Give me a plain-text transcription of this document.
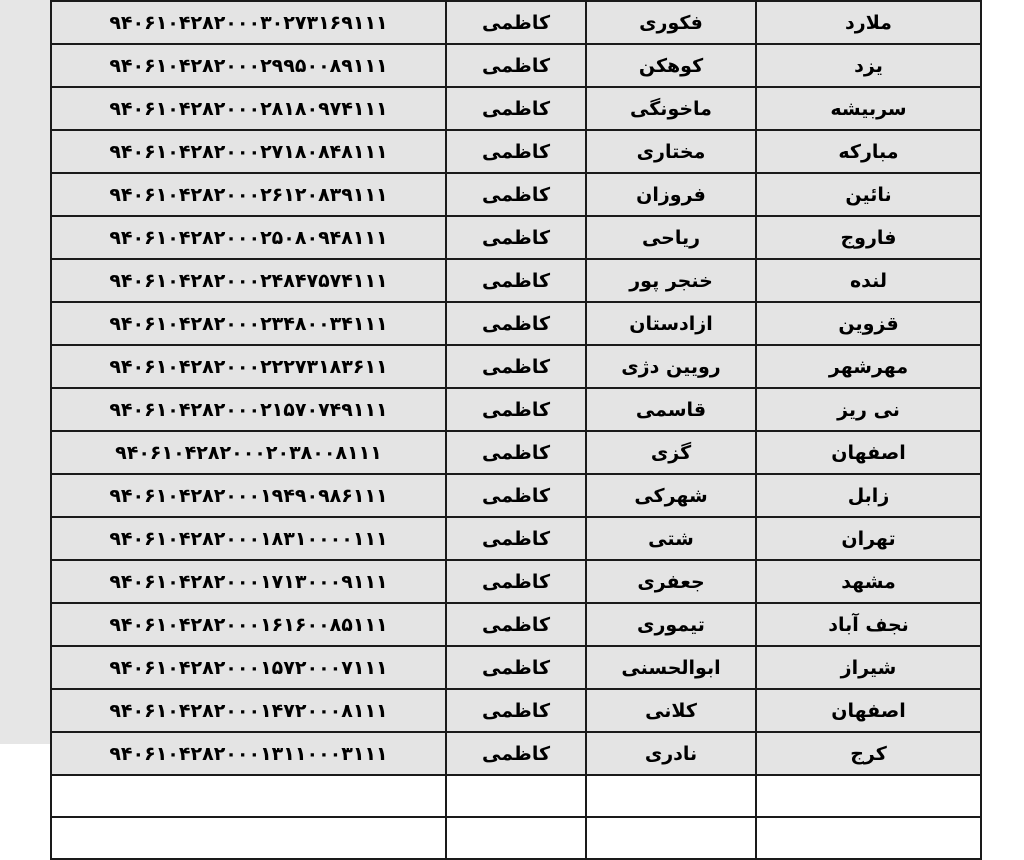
ملارد	فکوری	کاظمی	۹۴۰۶۱۰۴۲۸۲۰۰۰۳۰۲۷۳۱۶۹۱۱۱
یزد	کوهکن	کاظمی	۹۴۰۶۱۰۴۲۸۲۰۰۰۲۹۹۵۰۰۸۹۱۱۱
سربیشه	ماخونگی	کاظمی	۹۴۰۶۱۰۴۲۸۲۰۰۰۲۸۱۸۰۹۷۴۱۱۱
مبارکه	مختاری	کاظمی	۹۴۰۶۱۰۴۲۸۲۰۰۰۲۷۱۸۰۸۴۸۱۱۱
نائین	فروزان	کاظمی	۹۴۰۶۱۰۴۲۸۲۰۰۰۲۶۱۲۰۸۳۹۱۱۱
فاروج	ریاحی	کاظمی	۹۴۰۶۱۰۴۲۸۲۰۰۰۲۵۰۸۰۹۴۸۱۱۱
لنده	خنجر پور	کاظمی	۹۴۰۶۱۰۴۲۸۲۰۰۰۲۴۸۴۷۵۷۴۱۱۱
قزوین	ازادستان	کاظمی	۹۴۰۶۱۰۴۲۸۲۰۰۰۲۳۴۸۰۰۳۴۱۱۱
مهرشهر	رویین دژی	کاظمی	۹۴۰۶۱۰۴۲۸۲۰۰۰۲۲۲۷۳۱۸۳۶۱۱
نی ریز	قاسمی	کاظمی	۹۴۰۶۱۰۴۲۸۲۰۰۰۲۱۵۷۰۷۴۹۱۱۱
اصفهان	گزی	کاظمی	۹۴۰۶۱۰۴۲۸۲۰۰۰۲۰۳۸۰۰۸۱۱۱
زابل	شهرکی	کاظمی	۹۴۰۶۱۰۴۲۸۲۰۰۰۱۹۴۹۰۹۸۶۱۱۱
تهران	شتی	کاظمی	۹۴۰۶۱۰۴۲۸۲۰۰۰۱۸۳۱۰۰۰۰۱۱۱
مشهد	جعفری	کاظمی	۹۴۰۶۱۰۴۲۸۲۰۰۰۱۷۱۳۰۰۰۹۱۱۱
نجف آباد	تیموری	کاظمی	۹۴۰۶۱۰۴۲۸۲۰۰۰۱۶۱۶۰۰۸۵۱۱۱
شیراز	ابوالحسنی	کاظمی	۹۴۰۶۱۰۴۲۸۲۰۰۰۱۵۷۲۰۰۰۷۱۱۱
اصفهان	کلانی	کاظمی	۹۴۰۶۱۰۴۲۸۲۰۰۰۱۴۷۲۰۰۰۸۱۱۱
کرج	نادری	کاظمی	۹۴۰۶۱۰۴۲۸۲۰۰۰۱۳۱۱۰۰۰۳۱۱۱
